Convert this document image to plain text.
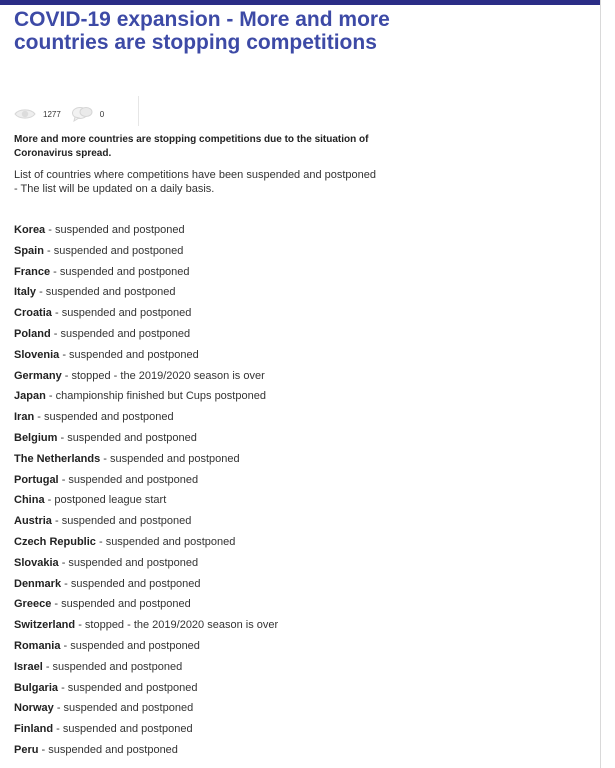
COVID-19 expansion - More and more countries are stopping competitions
1277	0

More and more countries are stopping competitions due to the situation of Coronavirus spread.

List of countries where competitions have been suspended and postponed
- The list will be updated on a daily basis.

Korea - suspended and postponed
Spain - suspended and postponed
France - suspended and postponed
Italy - suspended and postponed
Croatia - suspended and postponed
Poland - suspended and postponed
Slovenia - suspended and postponed
Germany - stopped - the 2019/2020 season is over
Japan - championship finished but Cups postponed
Iran - suspended and postponed
Belgium - suspended and postponed
The Netherlands - suspended and postponed
Portugal - suspended and postponed
China - postponed league start
Austria - suspended and postponed
Czech Republic - suspended and postponed
Slovakia - suspended and postponed
Denmark - suspended and postponed
Greece - suspended and postponed
Switzerland - stopped - the 2019/2020 season is over
Romania - suspended and postponed
Israel - suspended and postponed
Bulgaria - suspended and postponed
Norway - suspended and postponed
Finland - suspended and postponed
Peru - suspended and postponed
